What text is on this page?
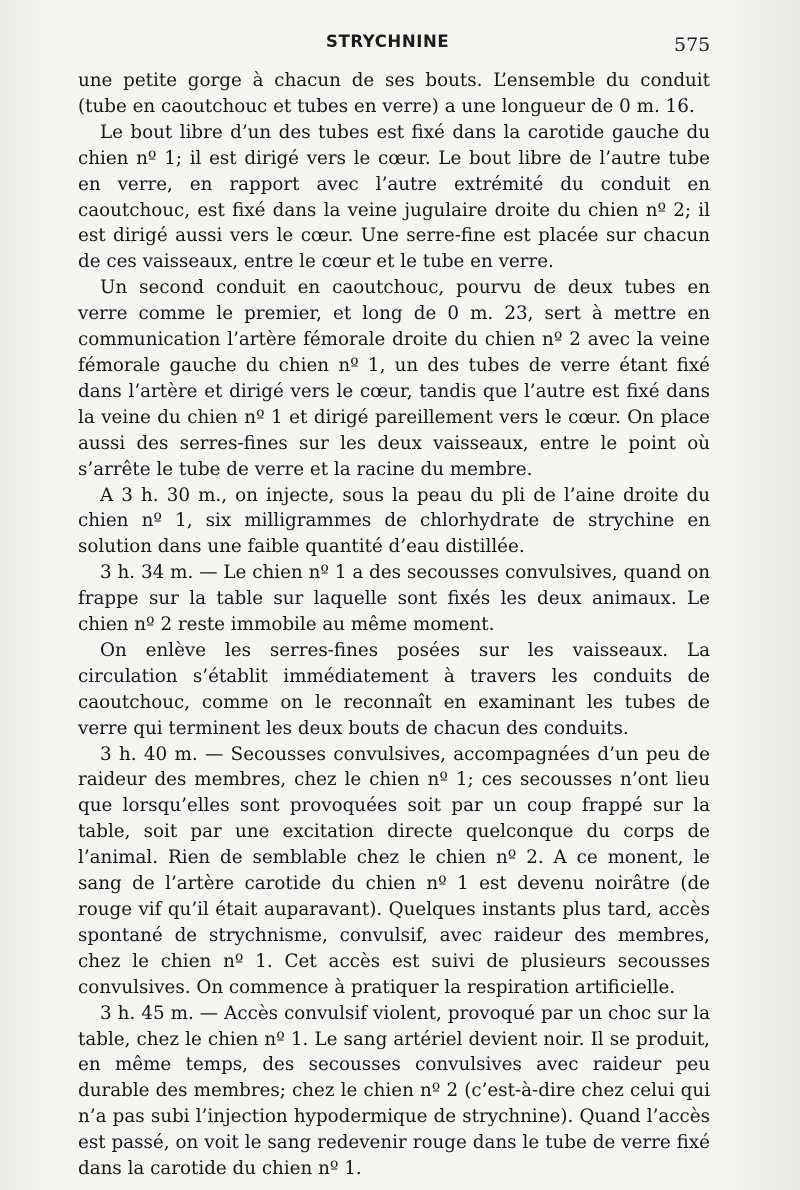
STRYCHNINE	575

une petite gorge à chacun de ses bouts. L’ensemble du conduit (tube en caoutchouc et tubes en verre) a une longueur de 0 m. 16.

Le bout libre d’un des tubes est fixé dans la carotide gauche du chien nº 1; il est dirigé vers le cœur. Le bout libre de l’autre tube en verre, en rapport avec l’autre extrémité du conduit en caoutchouc, est fixé dans la veine jugulaire droite du chien nº 2; il est dirigé aussi vers le cœur. Une serre-fine est placée sur chacun de ces vaisseaux, entre le cœur et le tube en verre.

Un second conduit en caoutchouc, pourvu de deux tubes en verre comme le premier, et long de 0 m. 23, sert à mettre en communication l’artère fémorale droite du chien nº 2 avec la veine fémorale gauche du chien nº 1, un des tubes de verre étant fixé dans l’artère et dirigé vers le cœur, tandis que l’autre est fixé dans la veine du chien nº 1 et dirigé pareillement vers le cœur. On place aussi des serres-fines sur les deux vaisseaux, entre le point où s’arrête le tube de verre et la racine du membre.

A 3 h. 30 m., on injecte, sous la peau du pli de l’aine droite du chien nº 1, six milligrammes de chlorhydrate de strychine en solution dans une faible quantité d’eau distillée.

3 h. 34 m. — Le chien nº 1 a des secousses convulsives, quand on frappe sur la table sur laquelle sont fixés les deux animaux. Le chien nº 2 reste immobile au même moment.

On enlève les serres-fines posées sur les vaisseaux. La circulation s’établit immédiatement à travers les conduits de caoutchouc, comme on le reconnaît en examinant les tubes de verre qui terminent les deux bouts de chacun des conduits.

3 h. 40 m. — Secousses convulsives, accompagnées d’un peu de raideur des membres, chez le chien nº 1; ces secousses n’ont lieu que lorsqu’elles sont provoquées soit par un coup frappé sur la table, soit par une excitation directe quelconque du corps de l’animal. Rien de semblable chez le chien nº 2. A ce monent, le sang de l’artère carotide du chien nº 1 est devenu noirâtre (de rouge vif qu’il était auparavant). Quelques instants plus tard, accès spontané de strychnisme, convulsif, avec raideur des membres, chez le chien nº 1. Cet accès est suivi de plusieurs secousses convulsives. On commence à pratiquer la respiration artificielle.

3 h. 45 m. — Accès convulsif violent, provoqué par un choc sur la table, chez le chien nº 1. Le sang artériel devient noir. Il se produit, en même temps, des secousses convulsives avec raideur peu durable des membres; chez le chien nº 2 (c’est-à-dire chez celui qui n’a pas subi l’injection hypodermique de strychnine). Quand l’accès est passé, on voit le sang redevenir rouge dans le tube de verre fixé dans la carotide du chien nº 1.
